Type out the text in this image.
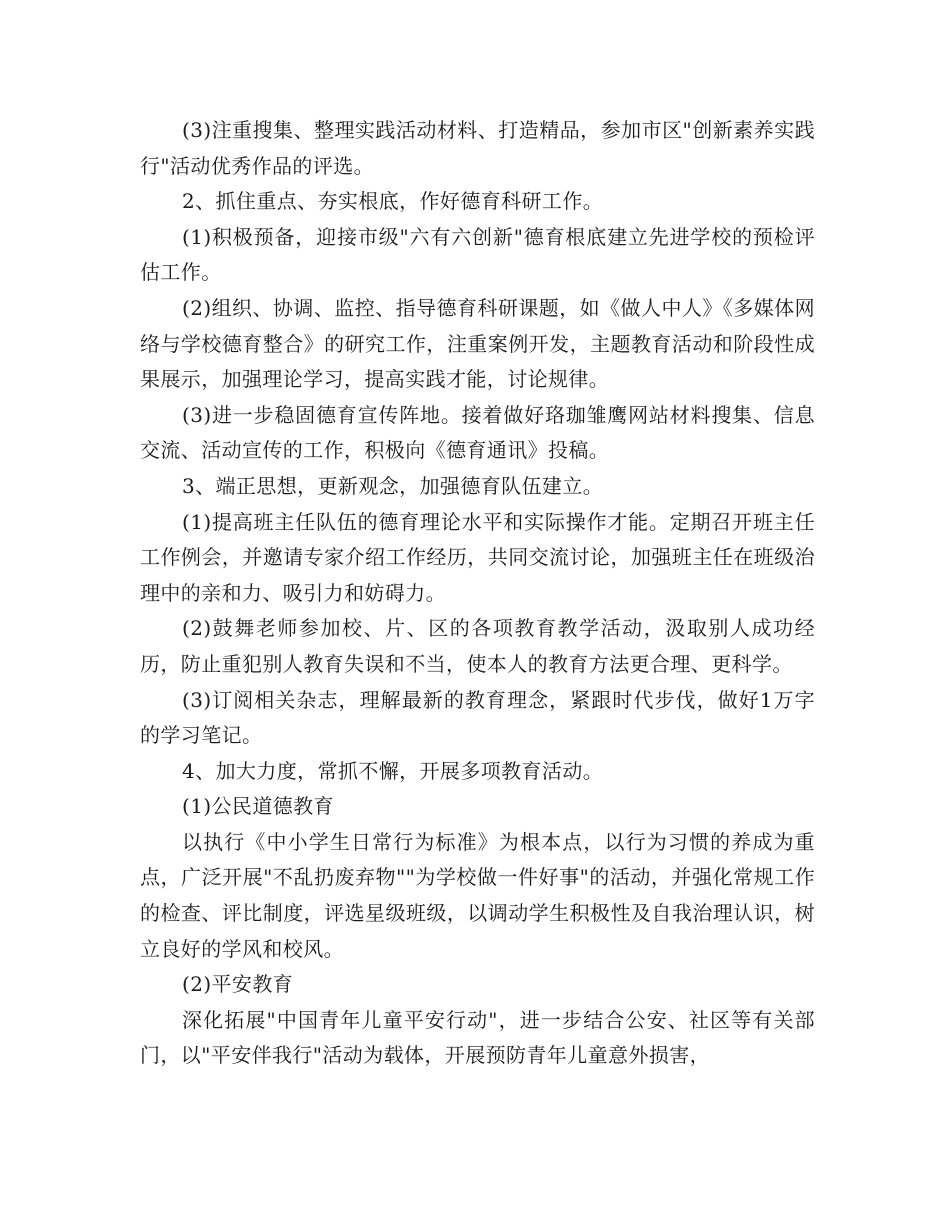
(3)注重搜集、整理实践活动材料、打造精品，参加市区"创新素养实践行"活动优秀作品的评选。

2、抓住重点、夯实根底，作好德育科研工作。

(1)积极预备，迎接市级"六有六创新"德育根底建立先进学校的预检评估工作。

(2)组织、协调、监控、指导德育科研课题，如《做人中人》《多媒体网络与学校德育整合》的研究工作，注重案例开发，主题教育活动和阶段性成果展示，加强理论学习，提高实践才能，讨论规律。

(3)进一步稳固德育宣传阵地。接着做好珞珈雏鹰网站材料搜集、信息交流、活动宣传的工作，积极向《德育通讯》投稿。

3、端正思想，更新观念，加强德育队伍建立。

(1)提高班主任队伍的德育理论水平和实际操作才能。定期召开班主任工作例会，并邀请专家介绍工作经历，共同交流讨论，加强班主任在班级治理中的亲和力、吸引力和妨碍力。

(2)鼓舞老师参加校、片、区的各项教育教学活动，汲取别人成功经历，防止重犯别人教育失误和不当，使本人的教育方法更合理、更科学。

(3)订阅相关杂志，理解最新的教育理念，紧跟时代步伐，做好1万字的学习笔记。

4、加大力度，常抓不懈，开展多项教育活动。

(1)公民道德教育

以执行《中小学生日常行为标准》为根本点，以行为习惯的养成为重点，广泛开展"不乱扔废弃物""为学校做一件好事"的活动，并强化常规工作的检查、评比制度，评选星级班级，以调动学生积极性及自我治理认识，树立良好的学风和校风。

(2)平安教育

深化拓展"中国青年儿童平安行动"，进一步结合公安、社区等有关部门，以"平安伴我行"活动为载体，开展预防青年儿童意外损害，
